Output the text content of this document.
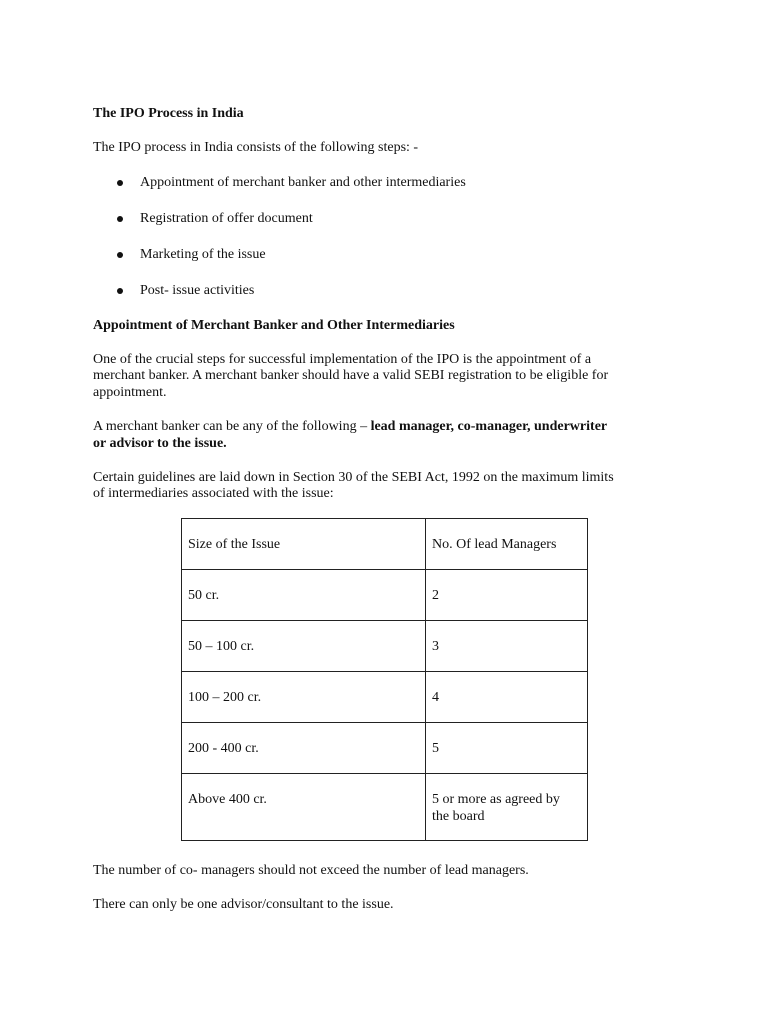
The IPO Process in India
The IPO process in India consists of the following steps: -
Appointment of merchant banker and other intermediaries
Registration of offer document
Marketing of the issue
Post- issue activities
Appointment of Merchant Banker and Other Intermediaries
One of the crucial steps for successful implementation of the IPO is the appointment of a
merchant banker. A merchant banker should have a valid SEBI registration to be eligible for
appointment.
A merchant banker can be any of the following – lead manager, co-manager, underwriter
or advisor to the issue.
Certain guidelines are laid down in Section 30 of the SEBI Act, 1992 on the maximum limits
of intermediaries associated with the issue:
Size of the Issue	No. Of lead Managers

50 cr.	2

50 – 100 cr.	3

100 – 200 cr.	4

200 - 400 cr.	5

Above 400 cr.	5 or more as agreed by the board
The number of co- managers should not exceed the number of lead managers.
There can only be one advisor/consultant to the issue.
